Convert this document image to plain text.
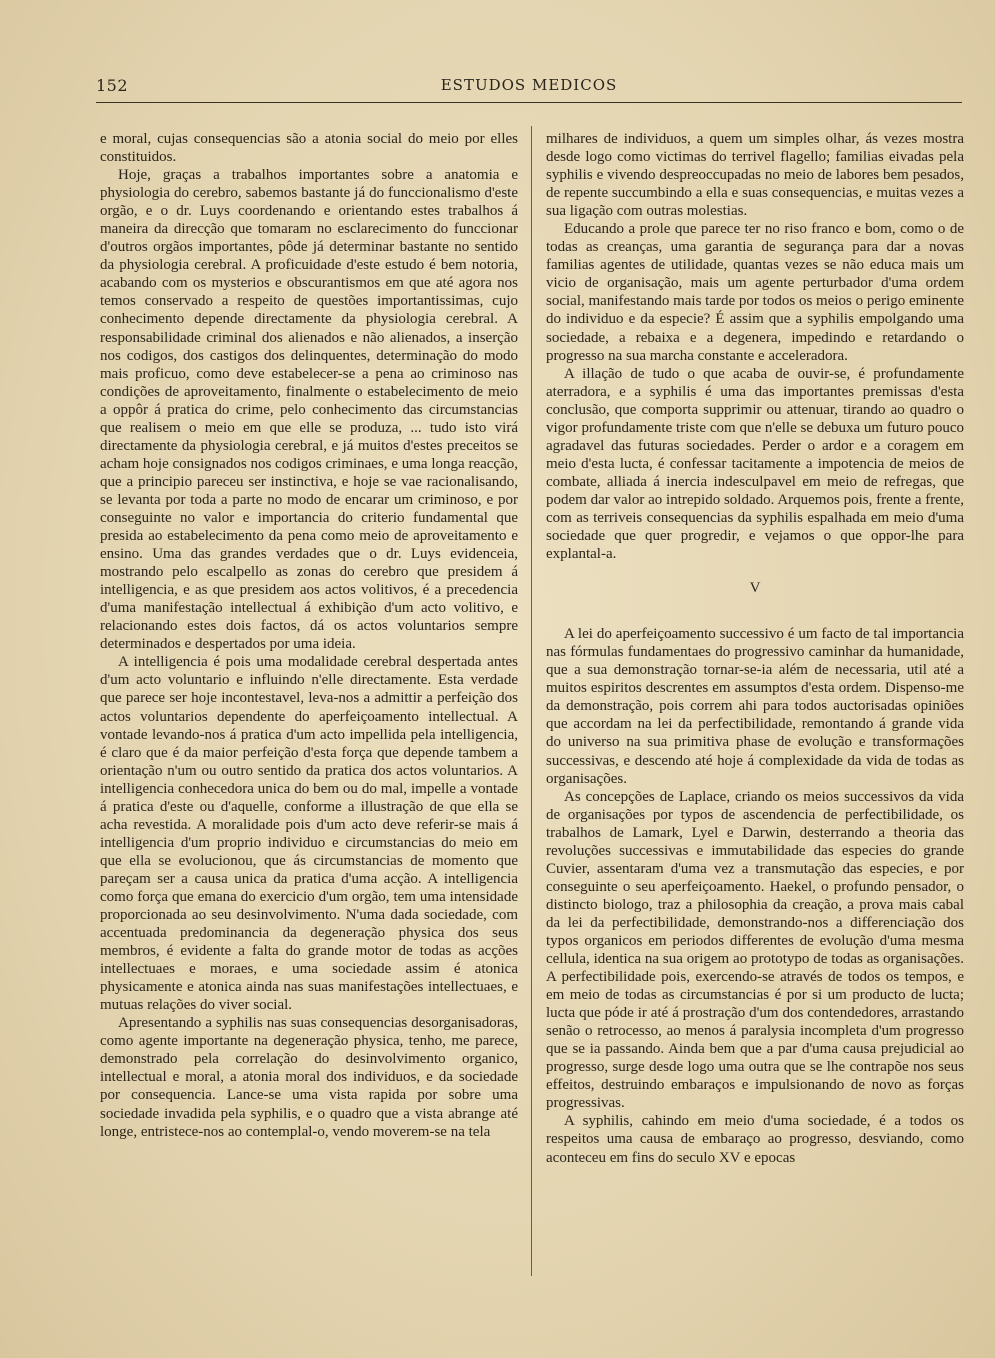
152	ESTUDOS MEDICOS

e moral, cujas consequencias são a atonia social do meio por elles constituidos.

Hoje, graças a trabalhos importantes sobre a anatomia e physiologia do cerebro, sabemos bastante já do funccionalismo d'este orgão, e o dr. Luys coordenando e orientando estes trabalhos á maneira da direcção que tomaram no esclarecimento do funccionar d'outros orgãos importantes, pôde já determinar bastante no sentido da physiologia cerebral. A proficuidade d'este estudo é bem notoria, acabando com os mysterios e obscurantismos em que até agora nos temos conservado a respeito de questões importantissimas, cujo conhecimento depende directamente da physiologia cerebral. A responsabilidade criminal dos alienados e não alienados, a inserção nos codigos, dos castigos dos delinquentes, determinação do modo mais proficuo, como deve estabelecer-se a pena ao criminoso nas condições de aproveitamento, finalmente o estabelecimento de meio a oppôr á pratica do crime, pelo conhecimento das circumstancias que realisem o meio em que elle se produza, ... tudo isto virá directamente da physiologia cerebral, e já muitos d'estes preceitos se acham hoje consignados nos codigos criminaes, e uma longa reacção, que a principio pareceu ser instinctiva, e hoje se vae racionalisando, se levanta por toda a parte no modo de encarar um criminoso, e por conseguinte no valor e importancia do criterio fundamental que presida ao estabelecimento da pena como meio de aproveitamento e ensino. Uma das grandes verdades que o dr. Luys evidenceia, mostrando pelo escalpello as zonas do cerebro que presidem á intelligencia, e as que presidem aos actos volitivos, é a precedencia d'uma manifestação intellectual á exhibição d'um acto volitivo, e relacionando estes dois factos, dá os actos voluntarios sempre determinados e despertados por uma ideia.

A intelligencia é pois uma modalidade cerebral despertada antes d'um acto voluntario e influindo n'elle directamente. Esta verdade que parece ser hoje incontestavel, leva-nos a admittir a perfeição dos actos voluntarios dependente do aperfeiçoamento intellectual. A vontade levando-nos á pratica d'um acto impellida pela intelligencia, é claro que é da maior perfeição d'esta força que depende tambem a orientação n'um ou outro sentido da pratica dos actos voluntarios. A intelligencia conhecedora unica do bem ou do mal, impelle a vontade á pratica d'este ou d'aquelle, conforme a illustração de que ella se acha revestida. A moralidade pois d'um acto deve referir-se mais á intelligencia d'um proprio individuo e circumstancias do meio em que ella se evolucionou, que ás circumstancias de momento que pareçam ser a causa unica da pratica d'uma acção. A intelligencia como força que emana do exercicio d'um orgão, tem uma intensidade proporcionada ao seu desinvolvimento. N'uma dada sociedade, com accentuada predominancia da degeneração physica dos seus membros, é evidente a falta do grande motor de todas as acções intellectuaes e moraes, e uma sociedade assim é atonica physicamente e atonica ainda nas suas manifestações intellectuaes, e mutuas relações do viver social.

Apresentando a syphilis nas suas consequencias desorganisadoras, como agente importante na degeneração physica, tenho, me parece, demonstrado pela correlação do desinvolvimento organico, intellectual e moral, a atonia moral dos individuos, e da sociedade por consequencia. Lance-se uma vista rapida por sobre uma sociedade invadida pela syphilis, e o quadro que a vista abrange até longe, entristece-nos ao contemplal-o, vendo moverem-se na tela

milhares de individuos, a quem um simples olhar, ás vezes mostra desde logo como victimas do terrivel flagello; familias eivadas pela syphilis e vivendo despreoccupadas no meio de labores bem pesados, de repente succumbindo a ella e suas consequencias, e muitas vezes a sua ligação com outras molestias.

Educando a prole que parece ter no riso franco e bom, como o de todas as creanças, uma garantia de segurança para dar a novas familias agentes de utilidade, quantas vezes se não educa mais um vicio de organisação, mais um agente perturbador d'uma ordem social, manifestando mais tarde por todos os meios o perigo eminente do individuo e da especie? É assim que a syphilis empolgando uma sociedade, a rebaixa e a degenera, impedindo e retardando o progresso na sua marcha constante e acceleradora.

A illação de tudo o que acaba de ouvir-se, é profundamente aterradora, e a syphilis é uma das importantes premissas d'esta conclusão, que comporta supprimir ou attenuar, tirando ao quadro o vigor profundamente triste com que n'elle se debuxa um futuro pouco agradavel das futuras sociedades. Perder o ardor e a coragem em meio d'esta lucta, é confessar tacitamente a impotencia de meios de combate, alliada á inercia indesculpavel em meio de refregas, que podem dar valor ao intrepido soldado. Arquemos pois, frente a frente, com as terriveis consequencias da syphilis espalhada em meio d'uma sociedade que quer progredir, e vejamos o que oppor-lhe para explantal-a.

V

A lei do aperfeiçoamento successivo é um facto de tal importancia nas fórmulas fundamentaes do progressivo caminhar da humanidade, que a sua demonstração tornar-se-ia além de necessaria, util até a muitos espiritos descrentes em assumptos d'esta ordem. Dispenso-me da demonstração, pois correm ahi para todos auctorisadas opiniões que accordam na lei da perfectibilidade, remontando á grande vida do universo na sua primitiva phase de evolução e transformações successivas, e descendo até hoje á complexidade da vida de todas as organisações.

As concepções de Laplace, criando os meios successivos da vida de organisações por typos de ascendencia de perfectibilidade, os trabalhos de Lamark, Lyel e Darwin, desterrando a theoria das revoluções successivas e immutabilidade das especies do grande Cuvier, assentaram d'uma vez a transmutação das especies, e por conseguinte o seu aperfeiçoamento. Haekel, o profundo pensador, o distincto biologo, traz a philosophia da creação, a prova mais cabal da lei da perfectibilidade, demonstrando-nos a differenciação dos typos organicos em periodos differentes de evolução d'uma mesma cellula, identica na sua origem ao prototypo de todas as organisações. A perfectibilidade pois, exercendo-se através de todos os tempos, e em meio de todas as circumstancias é por si um producto de lucta; lucta que póde ir até á prostração d'um dos contendedores, arrastando senão o retrocesso, ao menos á paralysia incompleta d'um progresso que se ia passando. Ainda bem que a par d'uma causa prejudicial ao progresso, surge desde logo uma outra que se lhe contrapõe nos seus effeitos, destruindo embaraços e impulsionando de novo as forças progressivas.

A syphilis, cahindo em meio d'uma sociedade, é a todos os respeitos uma causa de embaraço ao progresso, desviando, como aconteceu em fins do seculo XV e epocas
